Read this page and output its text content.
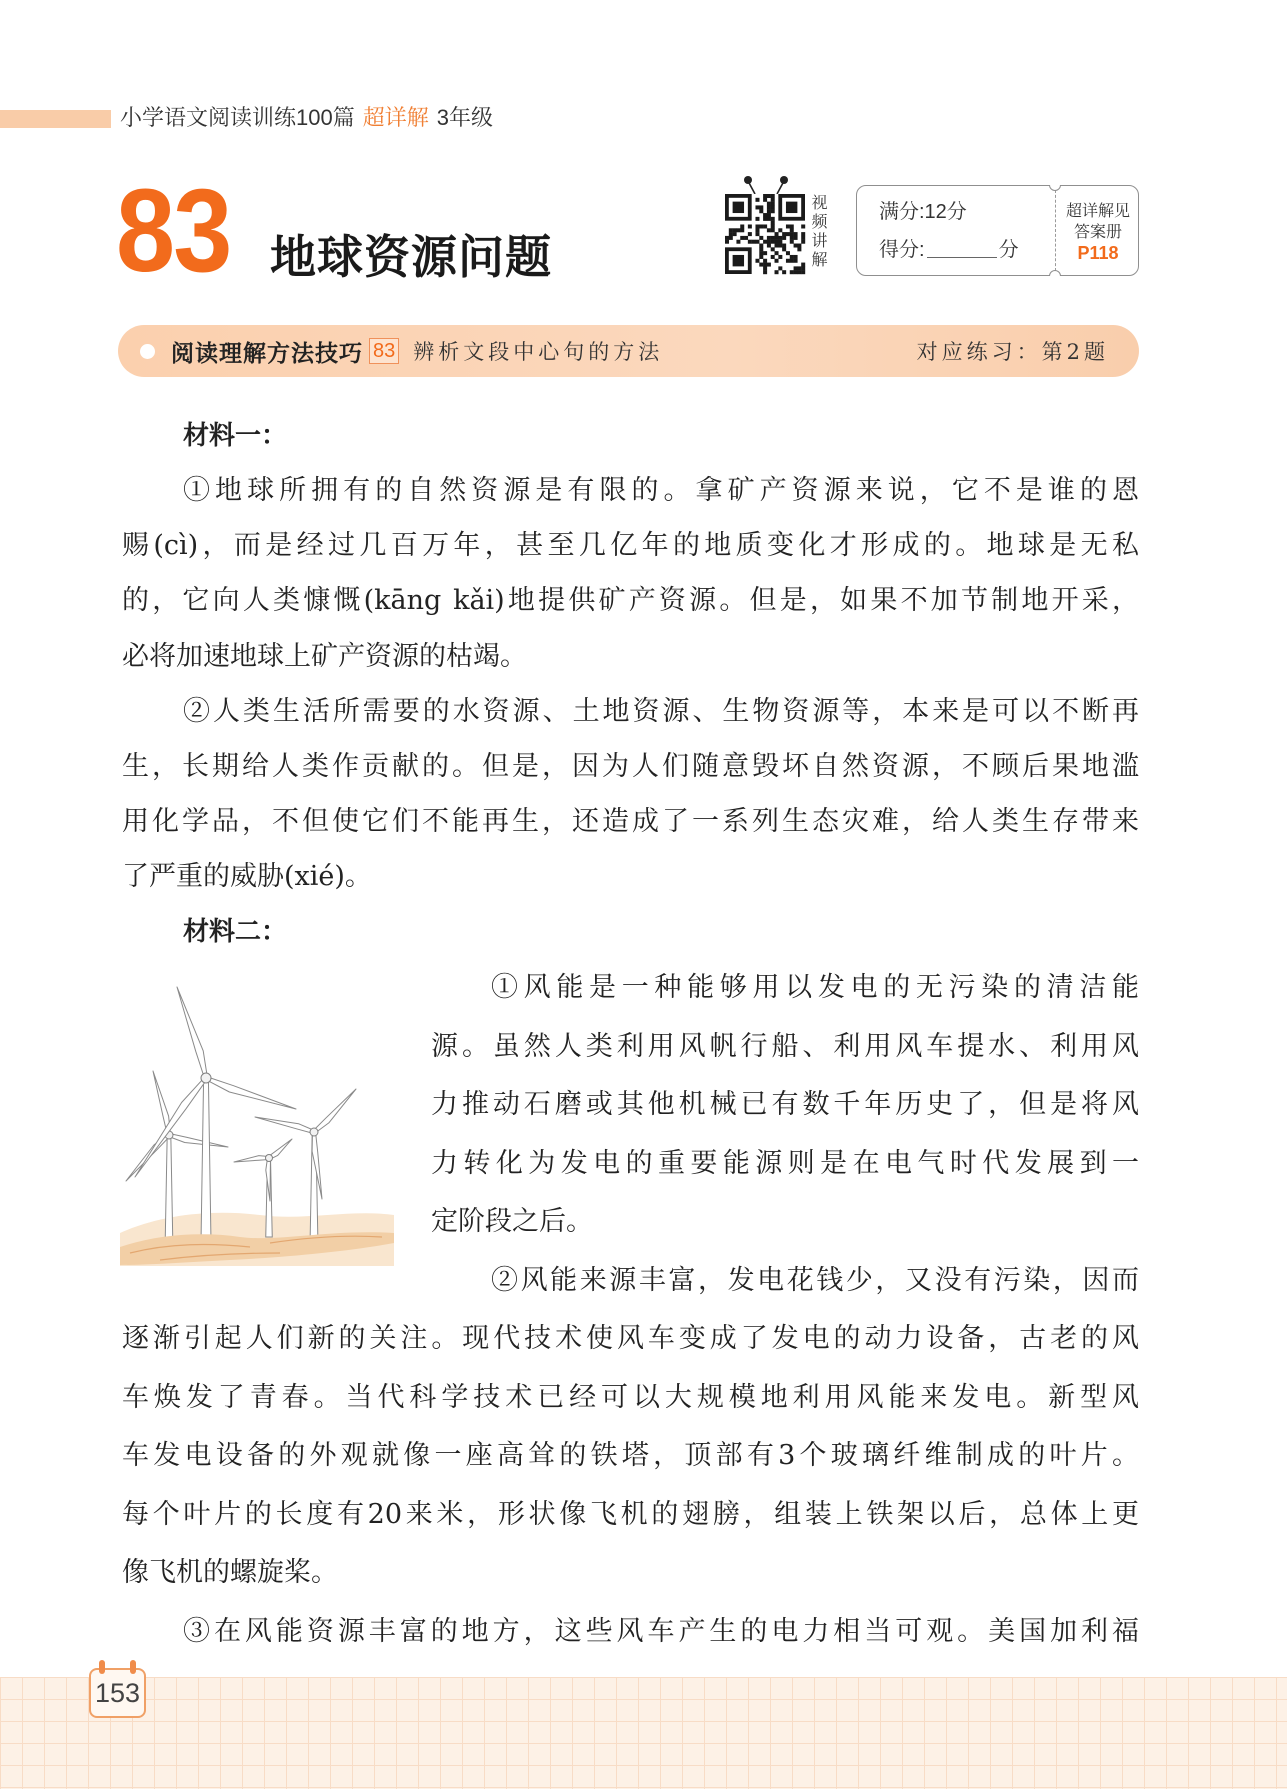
小学语文阅读训练100篇 超详解 3年级
83 地球资源问题	视频讲解	满分:12分
得分:	分
超详解见
答案册
P118
阅读理解方法技巧 83 辨析文段中心句的方法	对应练习：第2题
材料一：
①地球所拥有的自然资源是有限的。拿矿产资源来说，它不是谁的恩
赐(cì)，而是经过几百万年，甚至几亿年的地质变化才形成的。地球是无私
的，它向人类慷慨(kāng kǎi)地提供矿产资源。但是，如果不加节制地开采，
必将加速地球上矿产资源的枯竭。
②人类生活所需要的水资源、土地资源、生物资源等，本来是可以不断再
生，长期给人类作贡献的。但是，因为人们随意毁坏自然资源，不顾后果地滥
用化学品，不但使它们不能再生，还造成了一系列生态灾难，给人类生存带来
了严重的威胁(xié)。
材料二：
①风能是一种能够用以发电的无污染的清洁能
源。虽然人类利用风帆行船、利用风车提水、利用风
力推动石磨或其他机械已有数千年历史了，但是将风
力转化为发电的重要能源则是在电气时代发展到一
定阶段之后。
②风能来源丰富，发电花钱少，又没有污染，因而
逐渐引起人们新的关注。现代技术使风车变成了发电的动力设备，古老的风
车焕发了青春。当代科学技术已经可以大规模地利用风能来发电。新型风
车发电设备的外观就像一座高耸的铁塔，顶部有3个玻璃纤维制成的叶片。
每个叶片的长度有20来米，形状像飞机的翅膀，组装上铁架以后，总体上更
像飞机的螺旋桨。
③在风能资源丰富的地方，这些风车产生的电力相当可观。美国加利福
153
